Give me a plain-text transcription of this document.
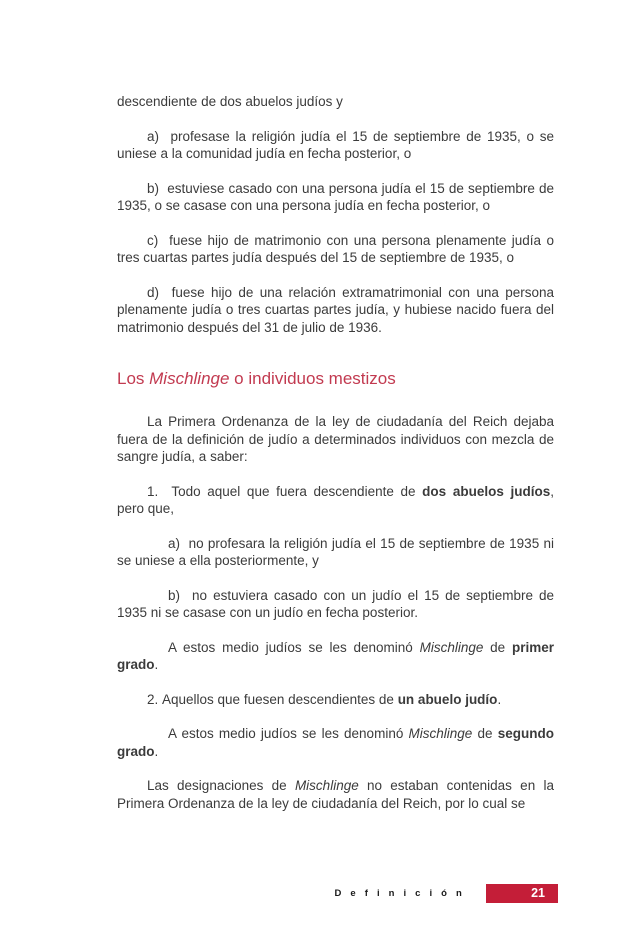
descendiente de dos abuelos judíos y

a)  profesase la religión judía el 15 de septiembre de 1935, o se uniese a la comunidad judía en fecha posterior, o

b)  estuviese casado con una persona judía el 15 de septiembre de 1935, o se casase con una persona judía en fecha posterior, o

c)  fuese hijo de matrimonio con una persona plenamente judía o tres cuartas partes judía después del 15 de septiembre de 1935, o

d)  fuese hijo de una relación extramatrimonial con una persona plenamente judía o tres cuartas partes judía, y hubiese nacido fuera del matrimonio después del 31 de julio de 1936.

Los Mischlinge o individuos mestizos

La Primera Ordenanza de la ley de ciudadanía del Reich dejaba fuera de la definición de judío a determinados individuos con mezcla de sangre judía, a saber:

1.  Todo aquel que fuera descendiente de dos abuelos judíos, pero que,

a)  no profesara la religión judía el 15 de septiembre de 1935 ni se uniese a ella posteriormente, y

b)  no estuviera casado con un judío el 15 de septiembre de 1935 ni se casase con un judío en fecha posterior.

A estos medio judíos se les denominó Mischlinge de primer grado.

2. Aquellos que fuesen descendientes de un abuelo judío.

A estos medio judíos se les denominó Mischlinge de segundo grado.

Las designaciones de Mischlinge no estaban contenidas en la Primera Ordenanza de la ley de ciudadanía del Reich, por lo cual se

D e f i n i c i ó n	21
